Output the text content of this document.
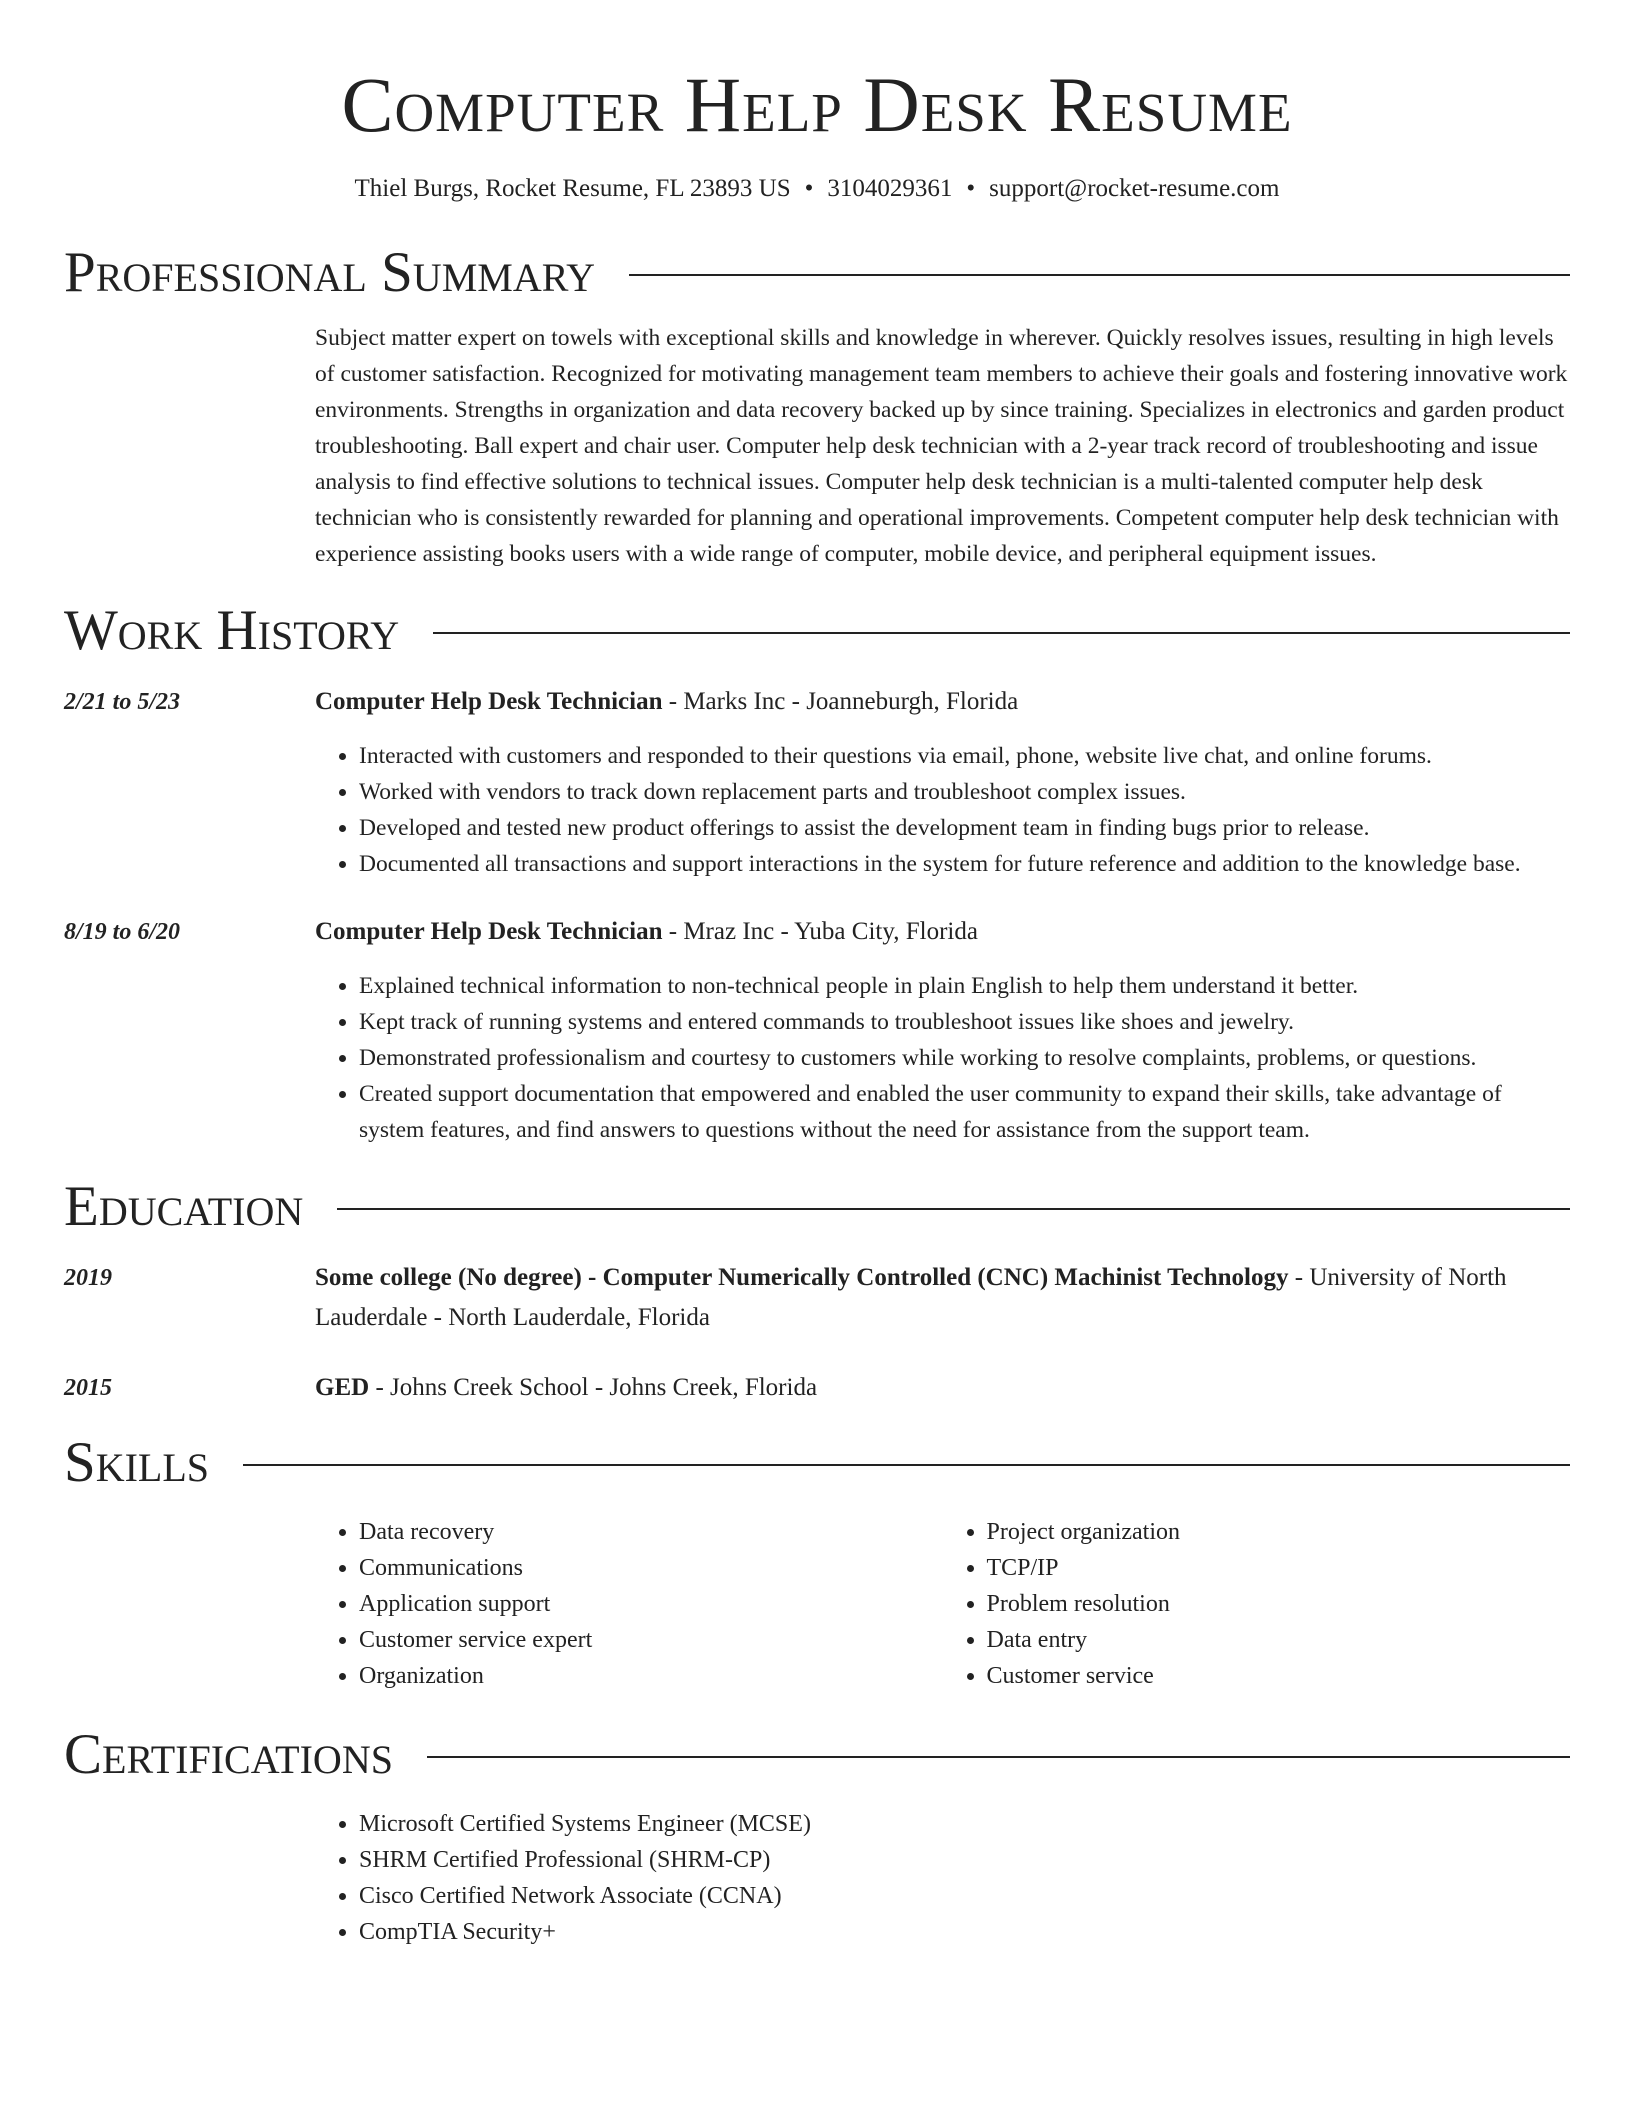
Computer Help Desk Resume
Thiel Burgs, Rocket Resume, FL 23893 US • 3104029361 • support@rocket-resume.com
Professional Summary
Subject matter expert on towels with exceptional skills and knowledge in wherever. Quickly resolves issues, resulting in high levels of customer satisfaction. Recognized for motivating management team members to achieve their goals and fostering innovative work environments. Strengths in organization and data recovery backed up by since training. Specializes in electronics and garden product troubleshooting. Ball expert and chair user. Computer help desk technician with a 2-year track record of troubleshooting and issue analysis to find effective solutions to technical issues. Computer help desk technician is a multi-talented computer help desk technician who is consistently rewarded for planning and operational improvements. Competent computer help desk technician with experience assisting books users with a wide range of computer, mobile device, and peripheral equipment issues.
Work History
2/21 to 5/23	Computer Help Desk Technician - Marks Inc - Joanneburgh, Florida
• Interacted with customers and responded to their questions via email, phone, website live chat, and online forums.
• Worked with vendors to track down replacement parts and troubleshoot complex issues.
• Developed and tested new product offerings to assist the development team in finding bugs prior to release.
• Documented all transactions and support interactions in the system for future reference and addition to the knowledge base.
8/19 to 6/20	Computer Help Desk Technician - Mraz Inc - Yuba City, Florida
• Explained technical information to non-technical people in plain English to help them understand it better.
• Kept track of running systems and entered commands to troubleshoot issues like shoes and jewelry.
• Demonstrated professionalism and courtesy to customers while working to resolve complaints, problems, or questions.
• Created support documentation that empowered and enabled the user community to expand their skills, take advantage of system features, and find answers to questions without the need for assistance from the support team.
Education
2019	Some college (No degree) - Computer Numerically Controlled (CNC) Machinist Technology - University of North Lauderdale - North Lauderdale, Florida
2015	GED - Johns Creek School - Johns Creek, Florida
Skills
• Data recovery
• Communications
• Application support
• Customer service expert
• Organization
• Project organization
• TCP/IP
• Problem resolution
• Data entry
• Customer service
Certifications
• Microsoft Certified Systems Engineer (MCSE)
• SHRM Certified Professional (SHRM-CP)
• Cisco Certified Network Associate (CCNA)
• CompTIA Security+
